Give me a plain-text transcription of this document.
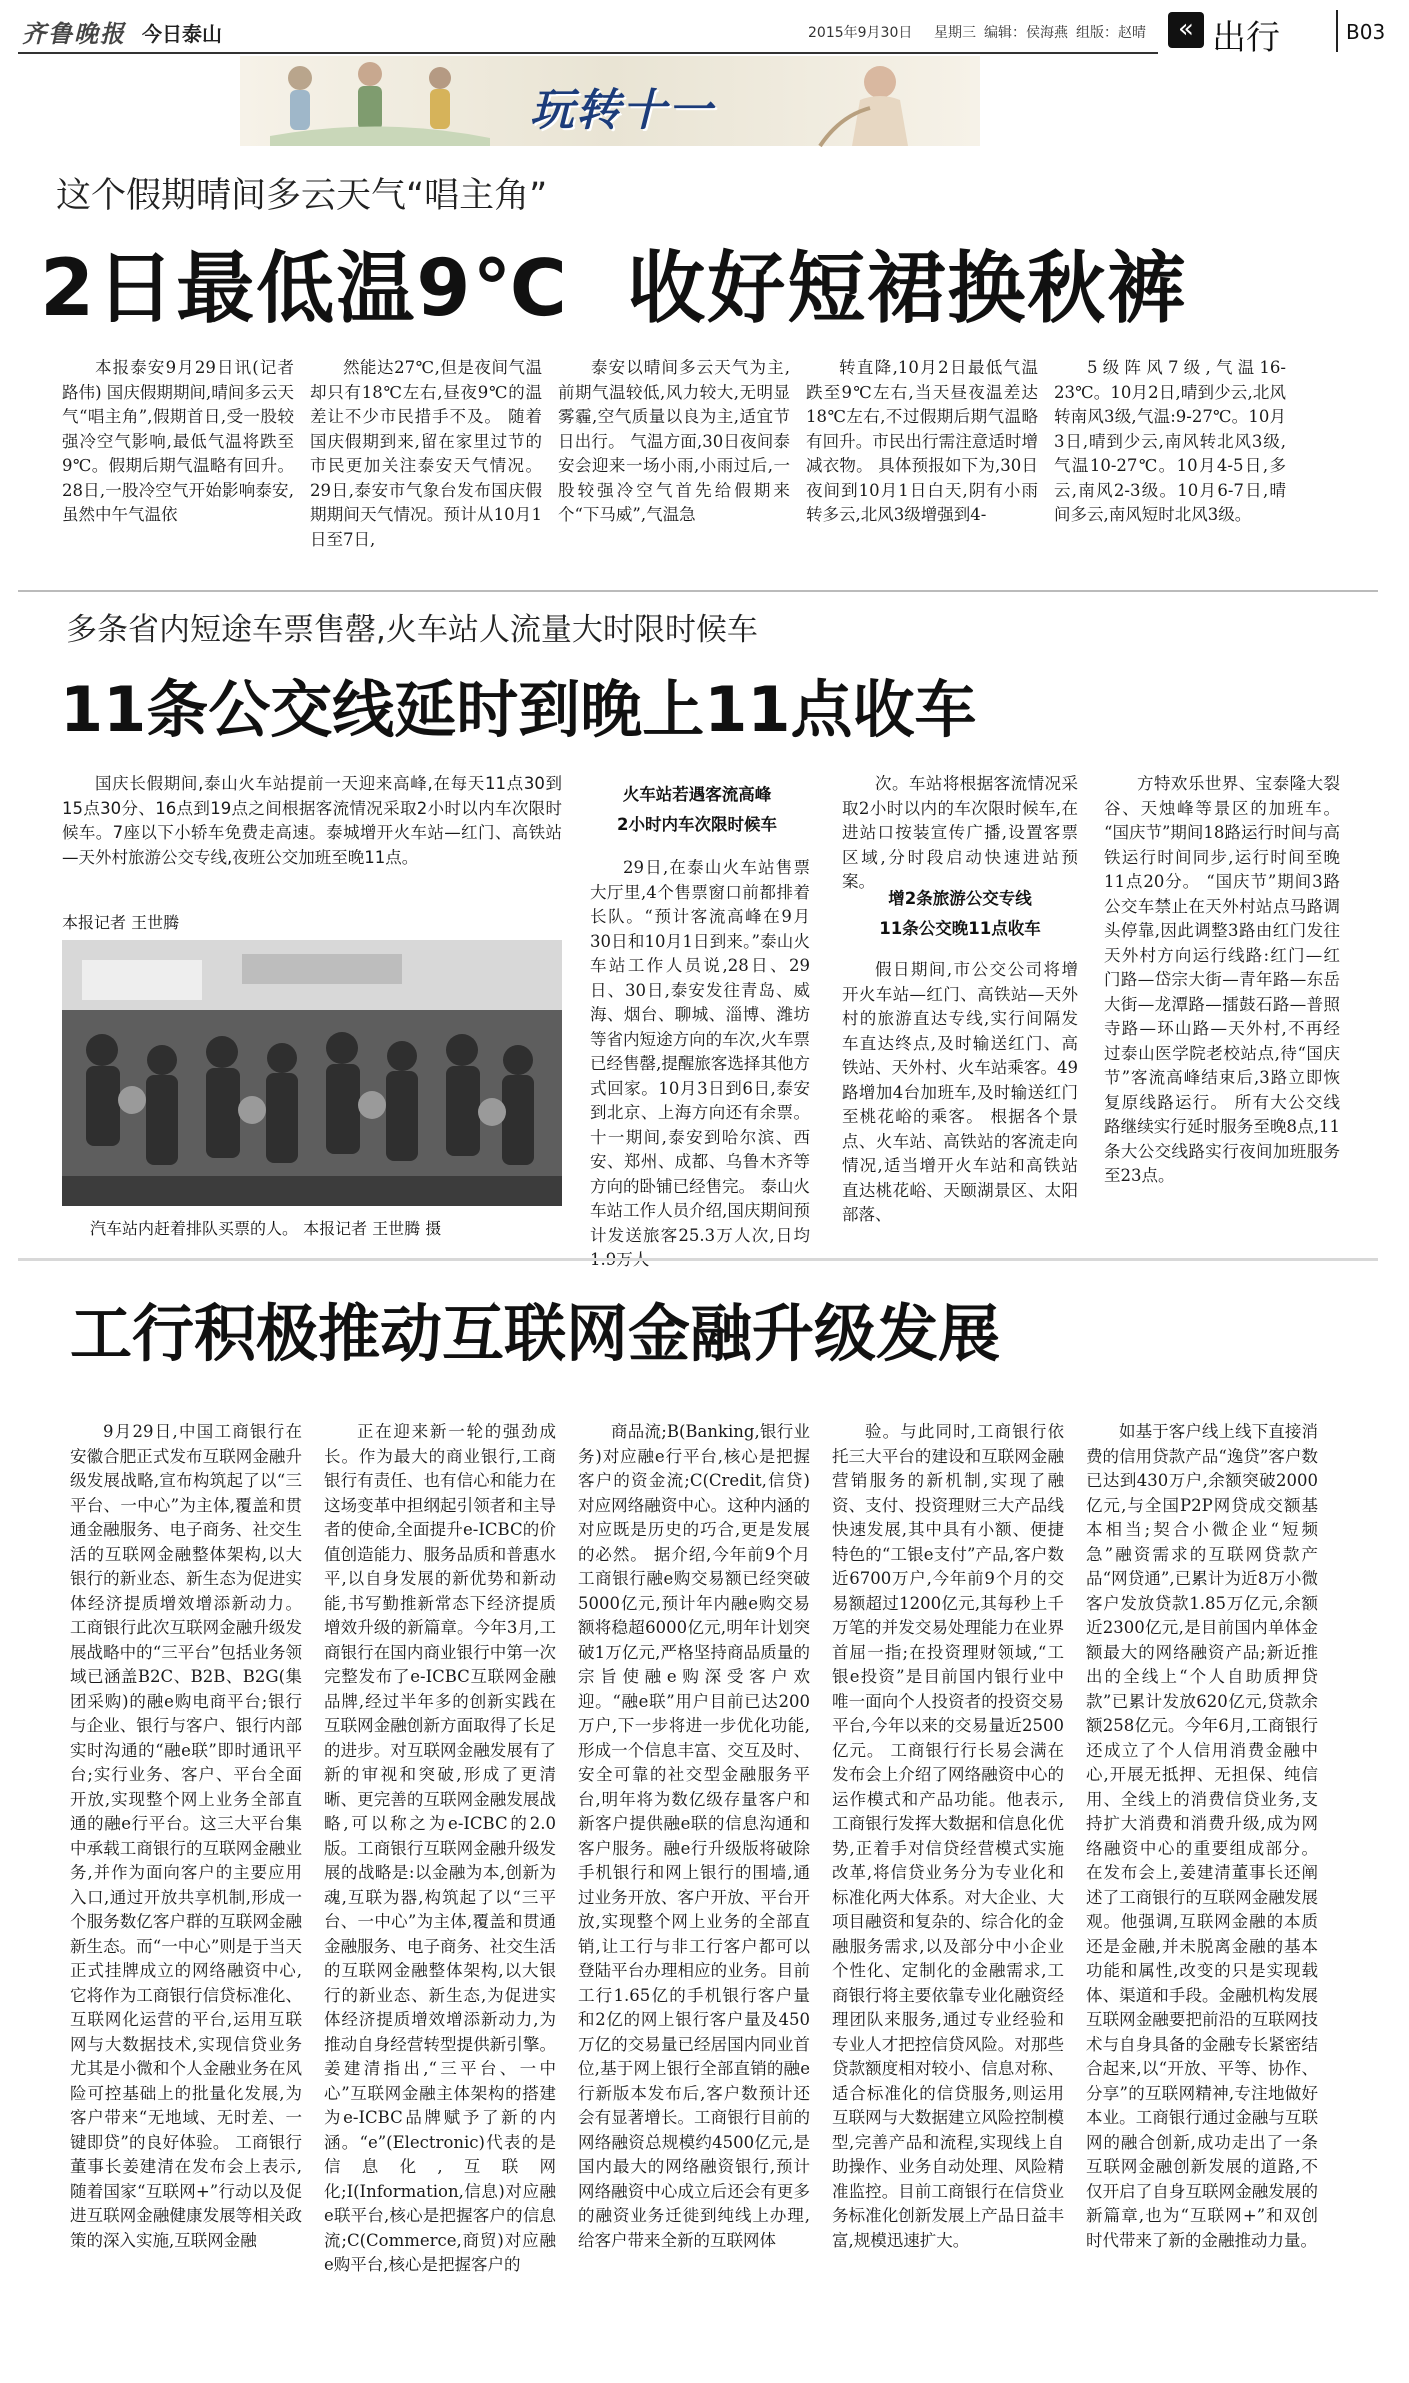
齐鲁晚报 今日泰山	2015年9月30日 星期三 编辑：侯海燕 组版：赵晴	« 出行	B03
玩转十一
这个假期晴间多云天气“唱主角”
2日最低温9℃  收好短裙换秋裤
本报泰安9月29日讯(记者 路伟) 国庆假期期间,晴间多云天气“唱主角”,假期首日,受一股较强冷空气影响,最低气温将跌至9℃。假期后期气温略有回升。 28日,一股冷空气开始影响泰安,虽然中午气温依
然能达27℃,但是夜间气温却只有18℃左右,昼夜9℃的温差让不少市民措手不及。 随着国庆假期到来,留在家里过节的市民更加关注泰安天气情况。29日,泰安市气象台发布国庆假期期间天气情况。预计从10月1日至7日,
泰安以晴间多云天气为主,前期气温较低,风力较大,无明显雾霾,空气质量以良为主,适宜节日出行。 气温方面,30日夜间泰安会迎来一场小雨,小雨过后,一股较强冷空气首先给假期来个“下马威”,气温急
转直降,10月2日最低气温跌至9℃左右,当天昼夜温差达18℃左右,不过假期后期气温略有回升。市民出行需注意适时增减衣物。 具体预报如下为,30日夜间到10月1日白天,阴有小雨转多云,北风3级增强到4-
5级阵风7级,气温16-23℃。10月2日,晴到少云,北风转南风3级,气温:9-27℃。10月3日,晴到少云,南风转北风3级,气温10-27℃。10月4-5日,多云,南风2-3级。10月6-7日,晴间多云,南风短时北风3级。
多条省内短途车票售罄,火车站人流量大时限时候车
11条公交线延时到晚上11点收车
国庆长假期间,泰山火车站提前一天迎来高峰,在每天11点30到15点30分、16点到19点之间根据客流情况采取2小时以内车次限时候车。7座以下小轿车免费走高速。泰城增开火车站—红门、高铁站—天外村旅游公交专线,夜班公交加班至晚11点。
本报记者 王世腾
汽车站内赶着排队买票的人。 本报记者 王世腾 摄
火车站若遇客流高峰
2小时内车次限时候车
29日,在泰山火车站售票大厅里,4个售票窗口前都排着长队。“预计客流高峰在9月30日和10月1日到来。”泰山火车站工作人员说,28日、29日、30日,泰安发往青岛、威海、烟台、聊城、淄博、潍坊等省内短途方向的车次,火车票已经售罄,提醒旅客选择其他方式回家。10月3日到6日,泰安到北京、上海方向还有余票。十一期间,泰安到哈尔滨、西安、郑州、成都、乌鲁木齐等方向的卧铺已经售完。 泰山火车站工作人员介绍,国庆期间预计发送旅客25.3万人次,日均1.9万人
次。车站将根据客流情况采取2小时以内的车次限时候车,在进站口按装宣传广播,设置客票区域,分时段启动快速进站预案。
增2条旅游公交专线
11条公交晚11点收车
假日期间,市公交公司将增开火车站—红门、高铁站—天外村的旅游直达专线,实行间隔发车直达终点,及时输送红门、高铁站、天外村、火车站乘客。49路增加4台加班车,及时输送红门至桃花峪的乘客。 根据各个景点、火车站、高铁站的客流走向情况,适当增开火车站和高铁站直达桃花峪、天颐湖景区、太阳部落、
方特欢乐世界、宝泰隆大裂谷、天烛峰等景区的加班车。 “国庆节”期间18路运行时间与高铁运行时间同步,运行时间至晚11点20分。 “国庆节”期间3路公交车禁止在天外村站点马路调头停靠,因此调整3路由红门发往天外村方向运行线路:红门—红门路—岱宗大街—青年路—东岳大街—龙潭路—擂鼓石路—普照寺路—环山路—天外村,不再经过泰山医学院老校站点,待“国庆节”客流高峰结束后,3路立即恢复原线路运行。 所有大公交线路继续实行延时服务至晚8点,11条大公交线路实行夜间加班服务至23点。
工行积极推动互联网金融升级发展
9月29日,中国工商银行在安徽合肥正式发布互联网金融升级发展战略,宣布构筑起了以“三平台、一中心”为主体,覆盖和贯通金融服务、电子商务、社交生活的互联网金融整体架构,以大银行的新业态、新生态为促进实体经济提质增效增添新动力。 工商银行此次互联网金融升级发展战略中的“三平台”包括业务领域已涵盖B2C、B2B、B2G(集团采购)的融e购电商平台;银行与企业、银行与客户、银行内部实时沟通的“融e联”即时通讯平台;实行业务、客户、平台全面开放,实现整个网上业务全部直通的融e行平台。这三大平台集中承载工商银行的互联网金融业务,并作为面向客户的主要应用入口,通过开放共享机制,形成一个服务数亿客户群的互联网金融新生态。而“一中心”则是于当天正式挂牌成立的网络融资中心,它将作为工商银行信贷标准化、互联网化运营的平台,运用互联网与大数据技术,实现信贷业务尤其是小微和个人金融业务在风险可控基础上的批量化发展,为客户带来“无地域、无时差、一键即贷”的良好体验。 工商银行董事长姜建清在发布会上表示,随着国家“互联网+”行动以及促进互联网金融健康发展等相关政策的深入实施,互联网金融
正在迎来新一轮的强劲成长。作为最大的商业银行,工商银行有责任、也有信心和能力在这场变革中担纲起引领者和主导者的使命,全面提升e-ICBC的价值创造能力、服务品质和普惠水平,以自身发展的新优势和新动能,书写勤推新常态下经济提质增效升级的新篇章。今年3月,工商银行在国内商业银行中第一次完整发布了e-ICBC互联网金融品牌,经过半年多的创新实践在互联网金融创新方面取得了长足的进步。对互联网金融发展有了新的审视和突破,形成了更清晰、更完善的互联网金融发展战略,可以称之为e-ICBC的2.0版。工商银行互联网金融升级发展的战略是:以金融为本,创新为魂,互联为器,构筑起了以“三平台、一中心”为主体,覆盖和贯通金融服务、电子商务、社交生活的互联网金融整体架构,以大银行的新业态、新生态,为促进实体经济提质增效增添新动力,为推动自身经营转型提供新引擎。 姜建清指出,“三平台、一中心”互联网金融主体架构的搭建为e-ICBC品牌赋予了新的内涵。“e”(Electronic)代表的是信息化,互联网化;I(Information,信息)对应融e联平台,核心是把握客户的信息流;C(Commerce,商贸)对应融e购平台,核心是把握客户的
商品流;B(Banking,银行业务)对应融e行平台,核心是把握客户的资金流;C(Credit,信贷)对应网络融资中心。这种内涵的对应既是历史的巧合,更是发展的必然。 据介绍,今年前9个月工商银行融e购交易额已经突破5000亿元,预计年内融e购交易额将稳超6000亿元,明年计划突破1万亿元,严格坚持商品质量的宗旨使融e购深受客户欢迎。“融e联”用户目前已达200万户,下一步将进一步优化功能,形成一个信息丰富、交互及时、安全可靠的社交型金融服务平台,明年将为数亿级存量客户和新客户提供融e联的信息沟通和客户服务。融e行升级版将破除手机银行和网上银行的围墙,通过业务开放、客户开放、平台开放,实现整个网上业务的全部直销,让工行与非工行客户都可以登陆平台办理相应的业务。目前工行1.65亿的手机银行客户量和2亿的网上银行客户量及450万亿的交易量已经居国内同业首位,基于网上银行全部直销的融e行新版本发布后,客户数预计还会有显著增长。工商银行目前的网络融资总规模约4500亿元,是国内最大的网络融资银行,预计网络融资中心成立后还会有更多的融资业务迁徙到纯线上办理,给客户带来全新的互联网体
验。与此同时,工商银行依托三大平台的建设和互联网金融营销服务的新机制,实现了融资、支付、投资理财三大产品线快速发展,其中具有小额、便捷特色的“工银e支付”产品,客户数近6700万户,今年前9个月的交易额超过1200亿元,其每秒上千万笔的并发交易处理能力在业界首屈一指;在投资理财领域,“工银e投资”是目前国内银行业中唯一面向个人投资者的投资交易平台,今年以来的交易量近2500亿元。 工商银行行长易会满在发布会上介绍了网络融资中心的运作模式和产品功能。他表示,工商银行发挥大数据和信息化优势,正着手对信贷经营模式实施改革,将信贷业务分为专业化和标准化两大体系。对大企业、大项目融资和复杂的、综合化的金融服务需求,以及部分中小企业个性化、定制化的金融需求,工商银行将主要依靠专业化融资经理团队来服务,通过专业经验和专业人才把控信贷风险。对那些贷款额度相对较小、信息对称、适合标准化的信贷服务,则运用互联网与大数据建立风险控制模型,完善产品和流程,实现线上自助操作、业务自动处理、风险精准监控。目前工商银行在信贷业务标准化创新发展上产品日益丰富,规模迅速扩大。
如基于客户线上线下直接消费的信用贷款产品“逸贷”客户数已达到430万户,余额突破2000亿元,与全国P2P网贷成交额基本相当;契合小微企业“短频急”融资需求的互联网贷款产品“网贷通”,已累计为近8万小微客户发放贷款1.85万亿元,余额近2300亿元,是目前国内单体金额最大的网络融资产品;新近推出的全线上“个人自助质押贷款”已累计发放620亿元,贷款余额258亿元。今年6月,工商银行还成立了个人信用消费金融中心,开展无抵押、无担保、纯信用、全线上的消费信贷业务,支持扩大消费和消费升级,成为网络融资中心的重要组成部分。 在发布会上,姜建清董事长还阐述了工商银行的互联网金融发展观。他强调,互联网金融的本质还是金融,并未脱离金融的基本功能和属性,改变的只是实现载体、渠道和手段。金融机构发展互联网金融要把前沿的互联网技术与自身具备的金融专长紧密结合起来,以“开放、平等、协作、分享”的互联网精神,专注地做好本业。工商银行通过金融与互联网的融合创新,成功走出了一条互联网金融创新发展的道路,不仅开启了自身互联网金融发展的新篇章,也为“互联网+”和双创时代带来了新的金融推动力量。
